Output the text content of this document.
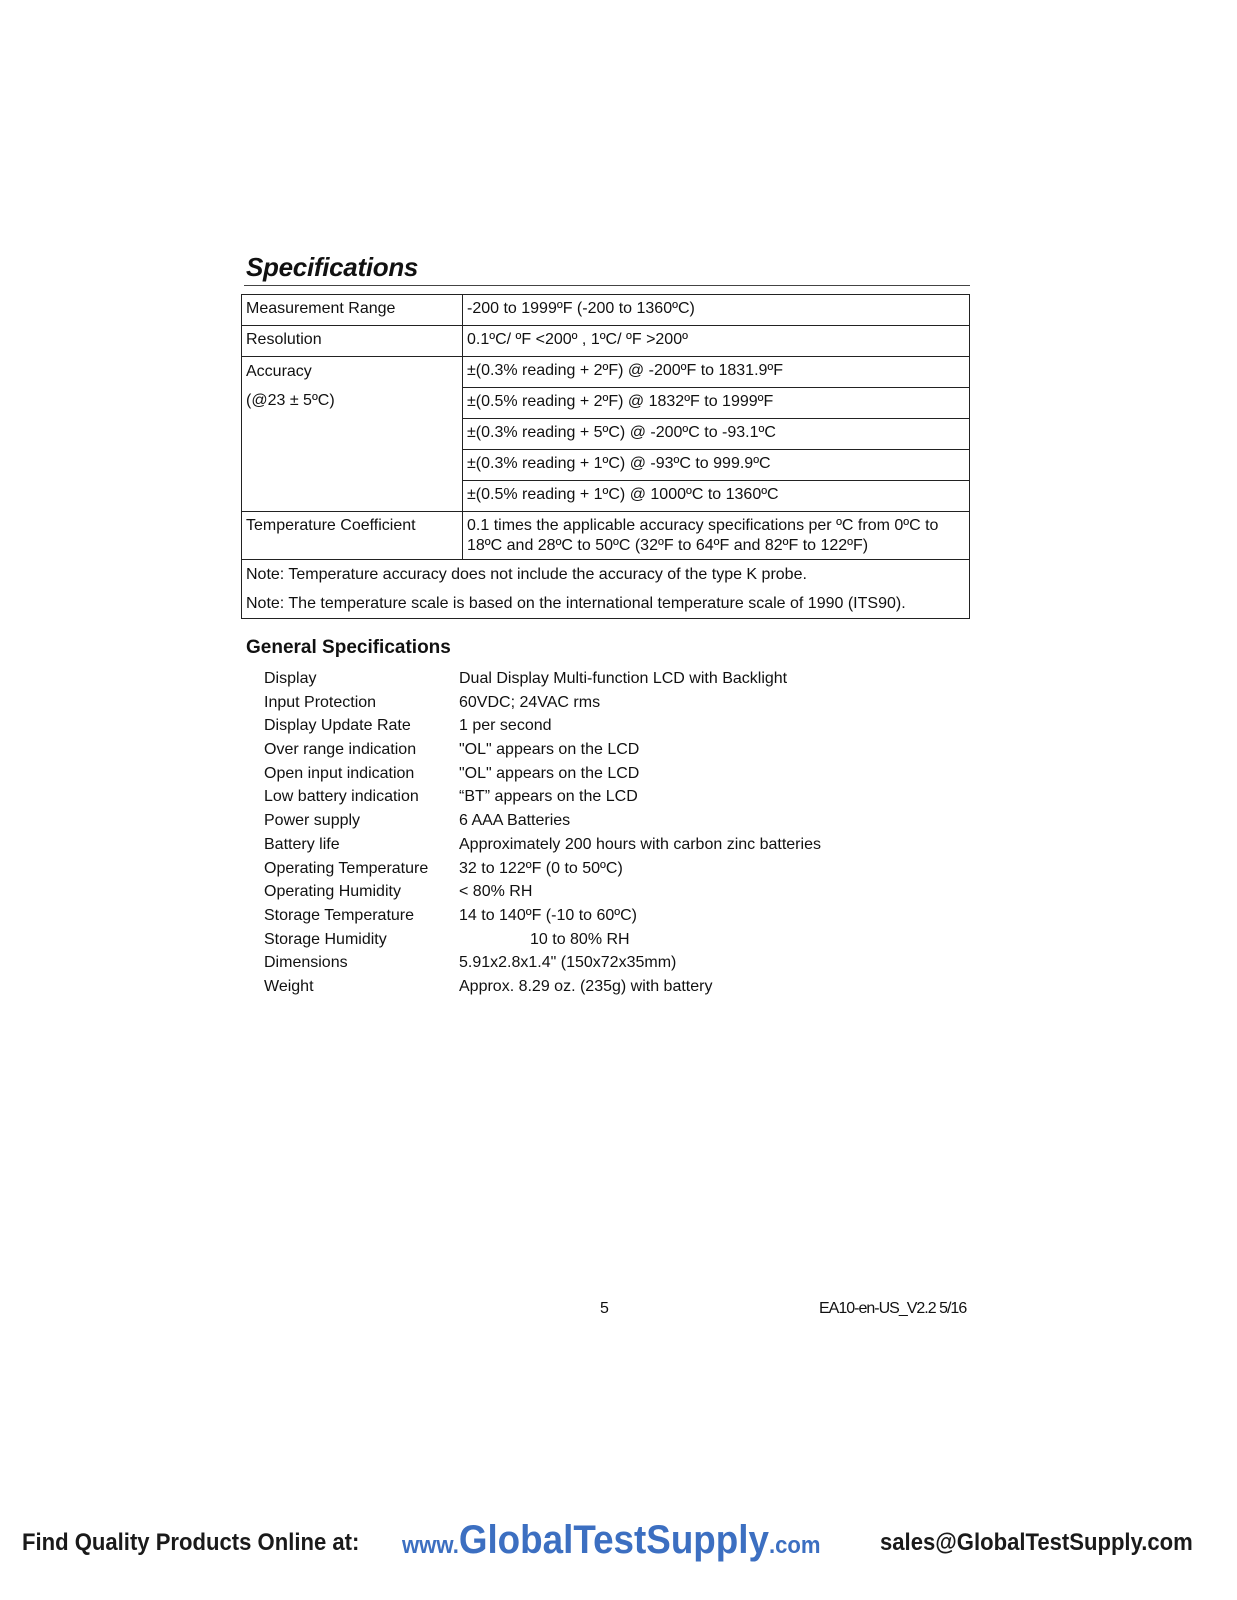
Specifications
Measurement Range	-200 to 1999ºF (-200 to 1360ºC)
Resolution	0.1ºC/ ºF <200º , 1ºC/ ºF >200º
Accuracy
(@23 ± 5ºC)	±(0.3% reading + 2ºF) @ -200ºF to 1831.9ºF
	±(0.5% reading + 2ºF) @ 1832ºF to 1999ºF
	±(0.3% reading + 5ºC) @ -200ºC to -93.1ºC
	±(0.3% reading + 1ºC) @ -93ºC to 999.9ºC
	±(0.5% reading + 1ºC) @ 1000ºC to 1360ºC
Temperature Coefficient	0.1 times the applicable accuracy specifications per ºC from 0ºC to 18ºC and 28ºC to 50ºC (32ºF to 64ºF and 82ºF to 122ºF)
Note: Temperature accuracy does not include the accuracy of the type K probe.
Note: The temperature scale is based on the international temperature scale of 1990 (ITS90).	
General Specifications
Display	Dual Display Multi-function LCD with Backlight
Input Protection	60VDC; 24VAC rms
Display Update Rate	1 per second
Over range indication	"OL" appears on the LCD
Open input indication	"OL" appears on the LCD
Low battery indication	“BT” appears on the LCD
Power supply	6 AAA Batteries
Battery life	Approximately 200 hours with carbon zinc batteries
Operating Temperature 32 to 122ºF (0 to 50ºC)
Operating Humidity	< 80% RH
Storage Temperature	14 to 140ºF (-10 to 60ºC)
Storage Humidity	10 to 80% RH
Dimensions	5.91x2.8x1.4" (150x72x35mm)
Weight	Approx. 8.29 oz. (235g) with battery
5	EA10-en-US_V2.2 5/16
Find Quality Products Online at: www.GlobalTestSupply.com sales@GlobalTestSupply.com
